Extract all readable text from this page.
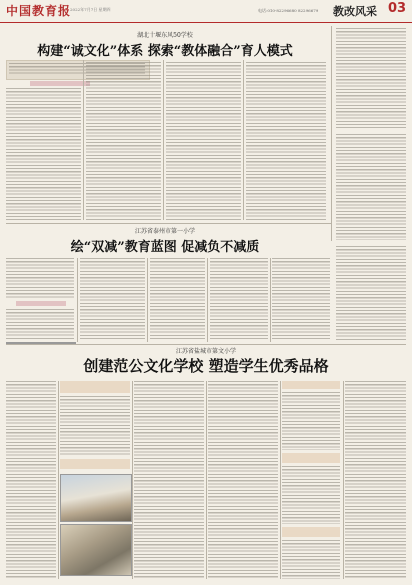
中国教育报
2022年7月7日 星期四	电话:010-82296680 82296679 教改风采 03
湖北十堰东风50学校
构建“诚文化”体系 探索“教体融合”育人模式
江苏省泰州市第一小学
绘“双减”教育蓝图 促减负不减质
江苏省盐城市第文小学
创建范公文化学校 塑造学生优秀品格
